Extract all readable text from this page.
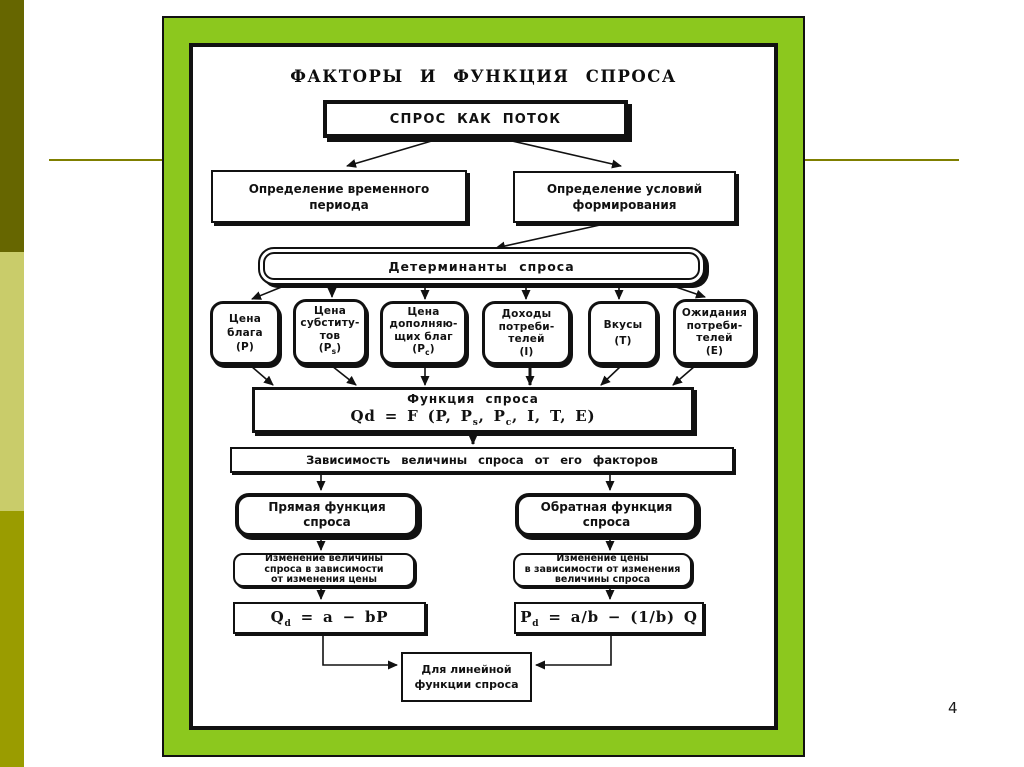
ФАКТОРЫ И ФУНКЦИЯ СПРОСА
СПРОС КАК ПОТОК
Определение временного
периода
Определение условий
формирования
Детерминанты спроса
Цена
блага
(P)
Цена
субститу-
тов
$(P_s)$
Цена
дополняю-
щих благ
$(P_c)$
Доходы
потреби-
телей
(I)
Вкусы
(T)
Ожидания
потреби-
телей
(E)
Функция спроса
Qd = F (P, $P_s$, $P_c$, I, T, E)
Зависимость величины спроса от его факторов
Прямая функция
спроса
Обратная функция
спроса
Изменение величины
спроса в зависимости
от изменения цены
Изменение цены
в зависимости от изменения
величины спроса
$Q_d = a$ − bP	$P_d = a/b - (1/b)$ Q
Для линейной
функции спроса
4
